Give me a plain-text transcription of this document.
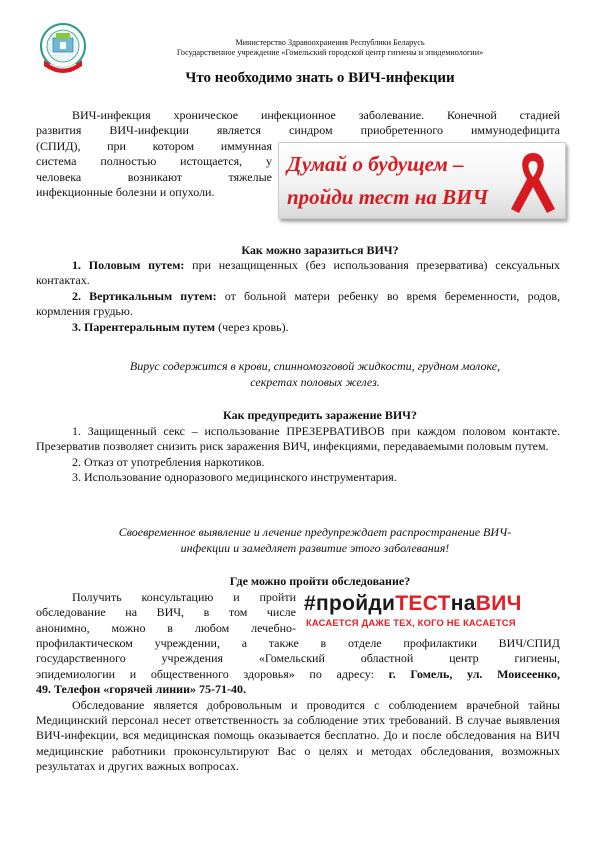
Министерство Здравоохранения Республики Беларусь
Государственное учреждение «Гомельский городской центр гигиены и эпидемиологии»
Что необходимо знать о ВИЧ-инфекции
ВИЧ-инфекция хроническое инфекционное заболевание. Конечной стадией
развития ВИЧ-инфекции является синдром приобретенного иммунодефицита
(СПИД), при котором иммунная
система полностью истощается, у
человека возникают тяжелые
инфекционные болезни и опухоли.
Думай о будущем –
пройди тест на ВИЧ
Как можно заразиться ВИЧ?

1. Половым путем: при незащищенных (без использования презерватива) сексуальных контактах.

2. Вертикальным путем: от больной матери ребенку во время беременности, родов, кормления грудью.

3. Парентеральным путем (через кровь).

Вирус содержится в крови, спинномозговой жидкости, грудном молоке,
секретах половых желез.
Как предупредить заражение ВИЧ?

1. Защищенный секс – использование ПРЕЗЕРВАТИВОВ при каждом половом контакте. Презерватив позволяет снизить риск заражения ВИЧ, инфекциями, передаваемыми половым путем.

2. Отказ от употребления наркотиков.

3. Использование одноразового медицинского инструментария.

Своевременное выявление и лечение предупреждает распространение ВИЧ-
инфекции и замедляет развитие этого заболевания!
Где можно пройти обследование?
Получить консультацию и пройти
обследование на ВИЧ, в том числе
анонимно, можно в любом лечебно-
профилактическом учреждении, а также в отделе профилактики ВИЧ/СПИД
государственного учреждения «Гомельский областной центр гигиены,
эпидемиологии и общественного здоровья» по адресу: г. Гомель, ул. Моисеенко,
49. Телефон «горячей линии» 75-71-40.

Обследование является добровольным и проводится с соблюдением врачебной тайны Медицинский персонал несет ответственность за соблюдение этих требований. В случае выявления ВИЧ-инфекции, вся медицинская помощь оказывается бесплатно. До и после обследования на ВИЧ медицинские работники проконсультируют Вас о целях и методах обследования, возможных результатах и других важных вопросах.

#пройдиТЕСТнаВИЧ
КАСАЕТСЯ ДАЖЕ ТЕХ, КОГО НЕ КАСАЕТСЯ
